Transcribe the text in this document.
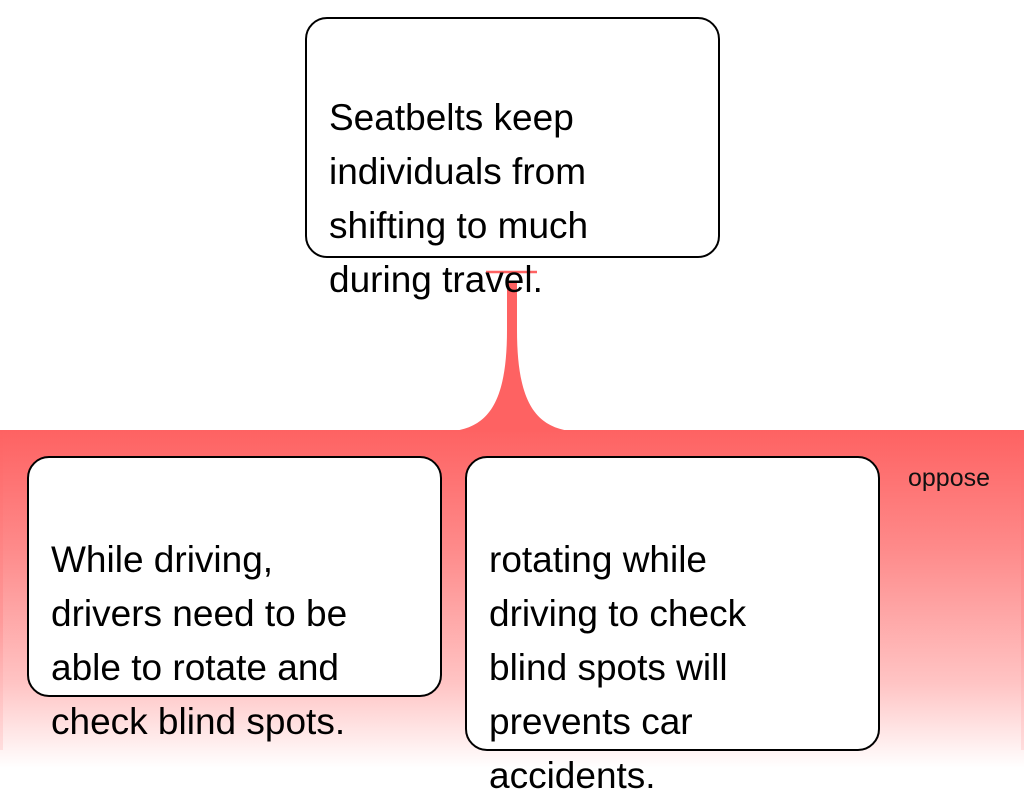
Seatbelts keep
individuals from
shifting to much
during travel.

oppose

While driving,
drivers need to be
able to rotate and
check blind spots.

rotating while
driving to check
blind spots will
prevents car
accidents.
